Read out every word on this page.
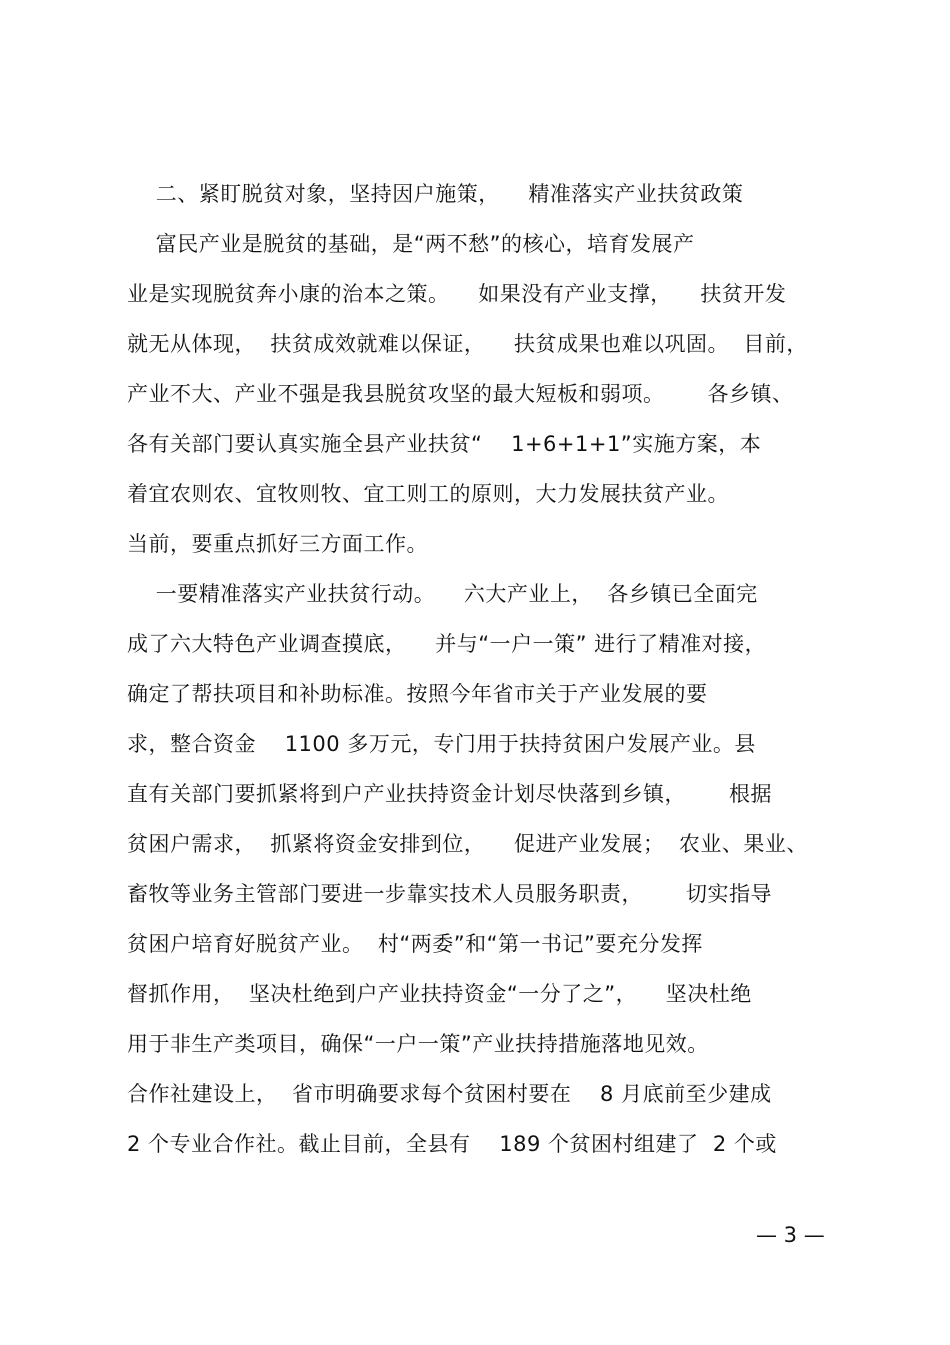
二、紧盯脱贫对象，坚持因户施策，    精准落实产业扶贫政策
富民产业是脱贫的基础，是“两不愁”的核心，培育发展产
业是实现脱贫奔小康的治本之策。    如果没有产业支撑，    扶贫开发
就无从体现，  扶贫成效就难以保证，    扶贫成果也难以巩固。  目前，
产业不大、产业不强是我县脱贫攻坚的最大短板和弱项。      各乡镇、
各有关部门要认真实施全县产业扶贫“    1+6+1+1”实施方案，本
着宜农则农、宜牧则牧、宜工则工的原则，大力发展扶贫产业。
当前，要重点抓好三方面工作。
一要精准落实产业扶贫行动。    六大产业上，  各乡镇已全面完
成了六大特色产业调查摸底，    并与“一户一策” 进行了精准对接，
确定了帮扶项目和补助标准。按照今年省市关于产业发展的要
求，整合资金    1100 多万元，专门用于扶持贫困户发展产业。县
直有关部门要抓紧将到户产业扶持资金计划尽快落到乡镇，      根据
贫困户需求，  抓紧将资金安排到位，    促进产业发展；  农业、果业、
畜牧等业务主管部门要进一步靠实技术人员服务职责，      切实指导
贫困户培育好脱贫产业。  村“两委”和“第一书记”要充分发挥
督抓作用，  坚决杜绝到户产业扶持资金“一分了之”，    坚决杜绝
用于非生产类项目，确保“一户一策”产业扶持措施落地见效。
合作社建设上，  省市明确要求每个贫困村要在    8 月底前至少建成
2 个专业合作社。截止目前，全县有    189 个贫困村组建了  2 个或
— 3 —
